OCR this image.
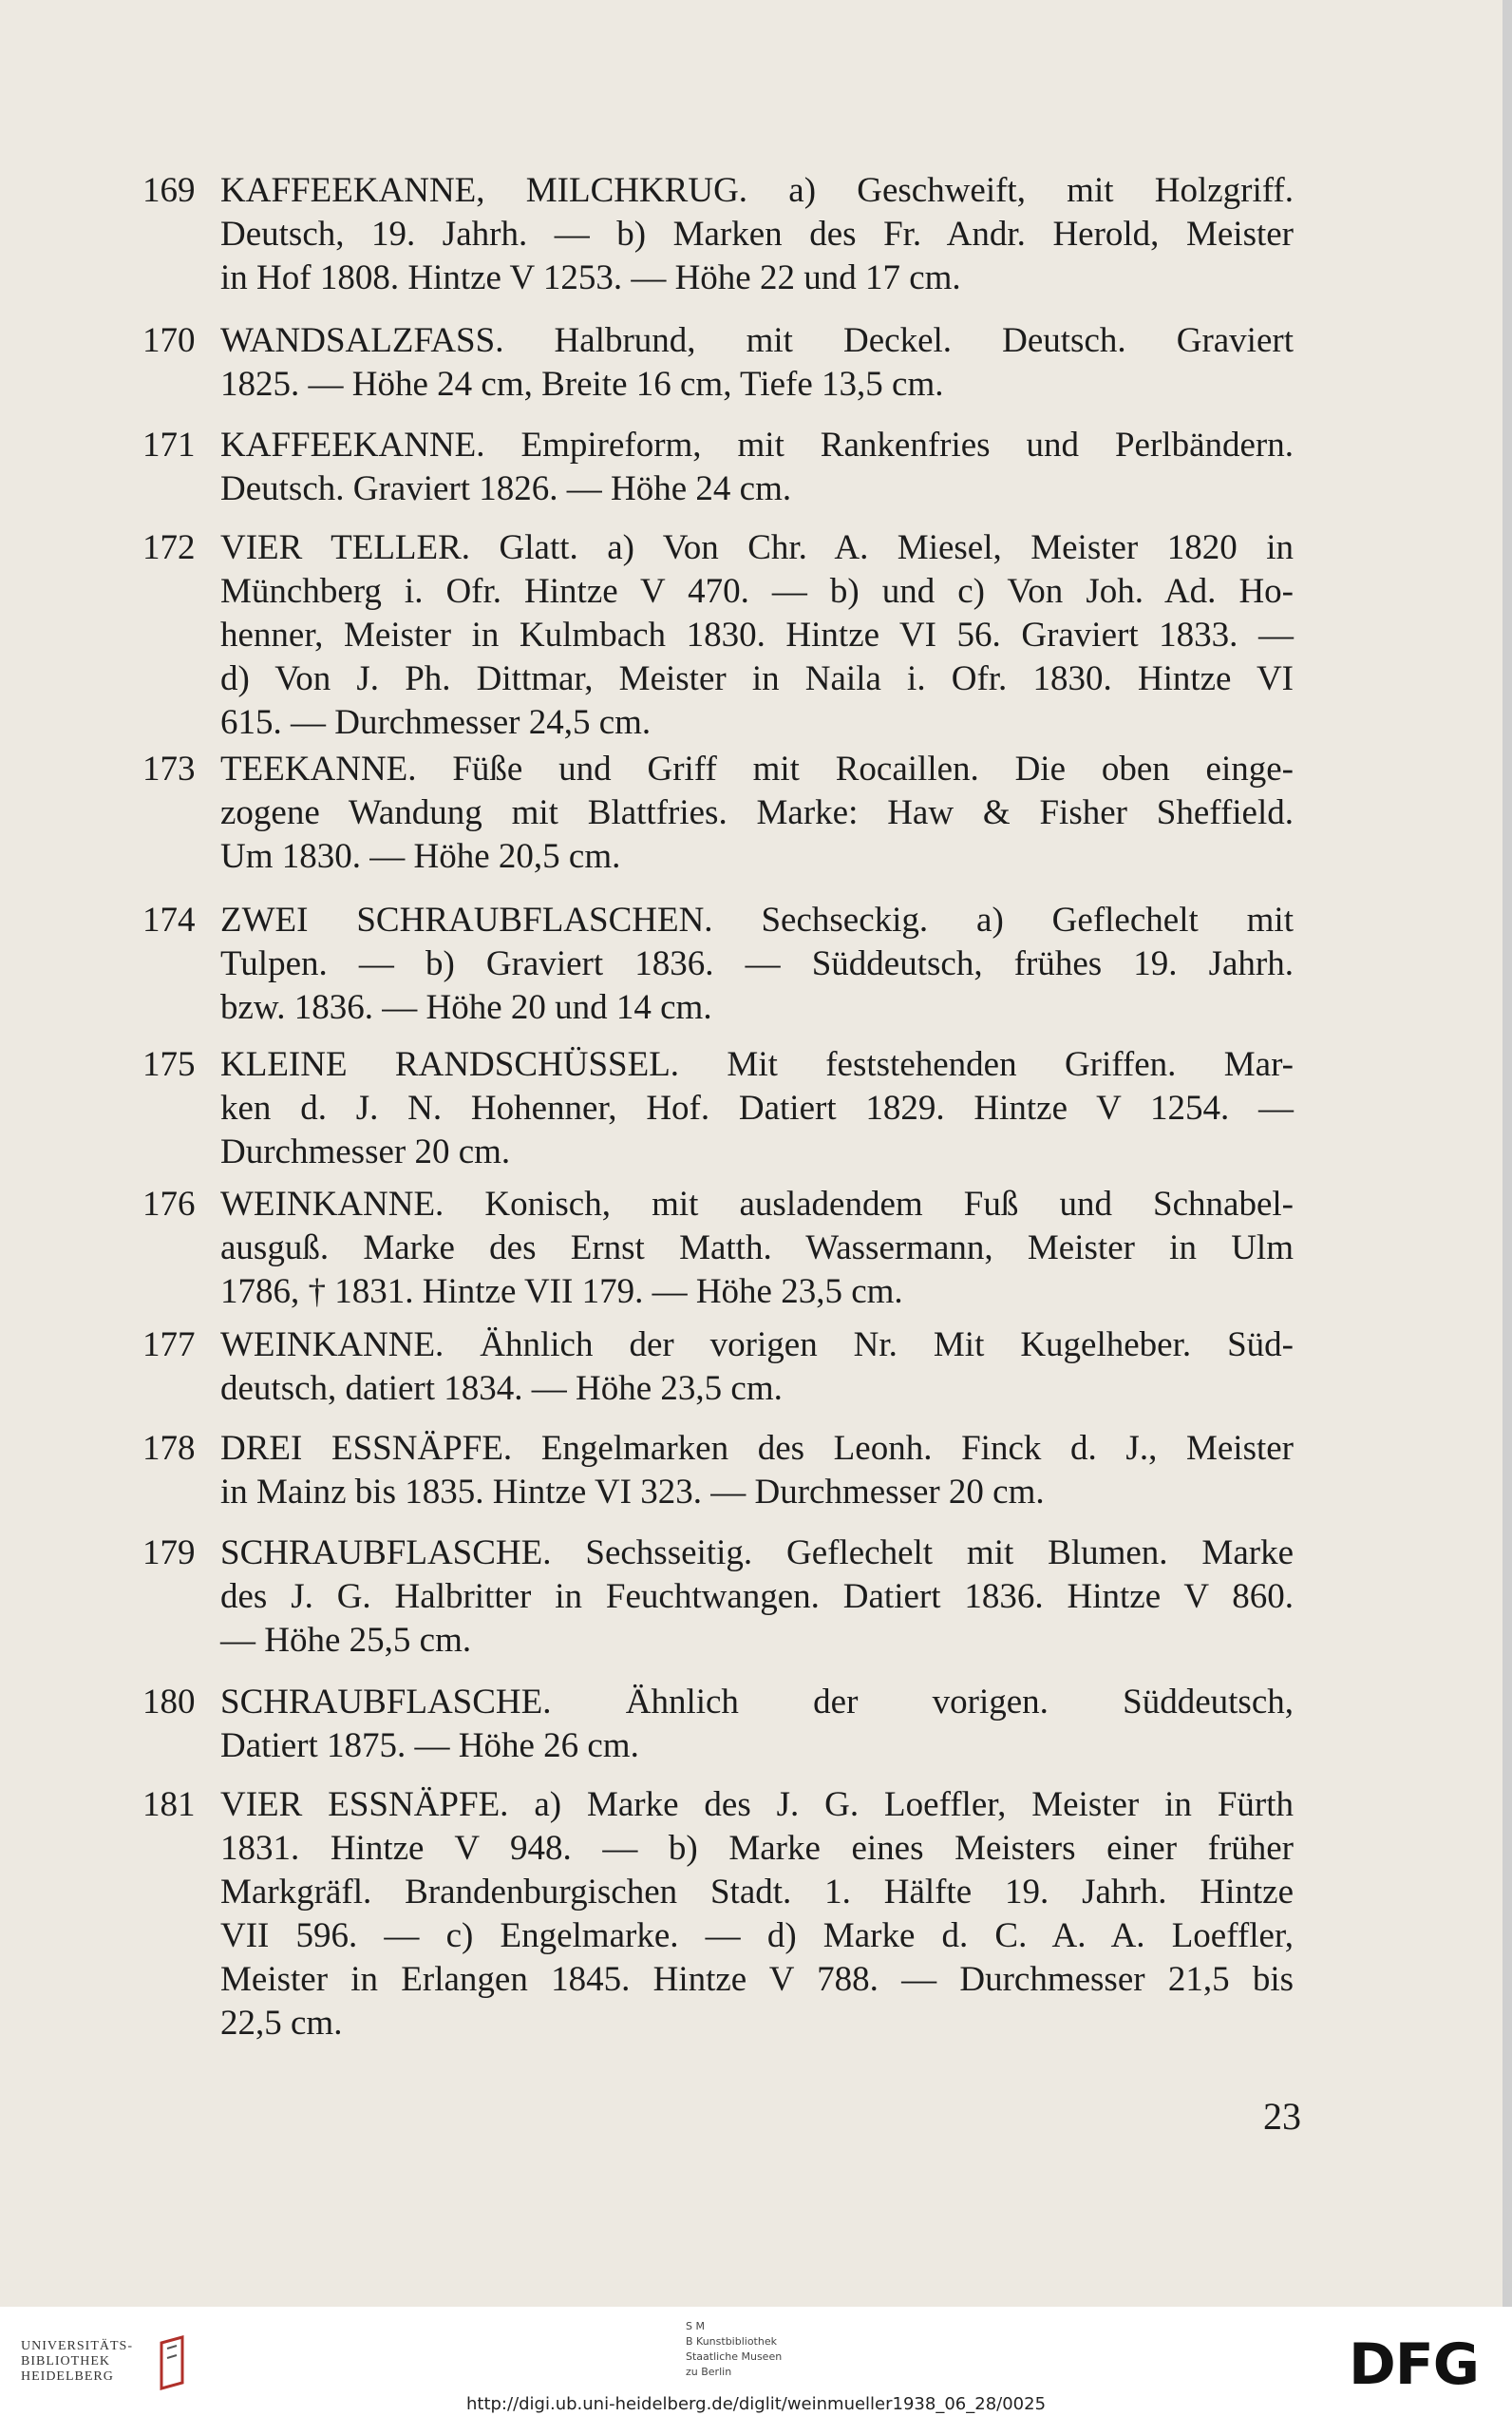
169 KAFFEEKANNE, MILCHKRUG. a) Geschweift, mit Holzgriff.
Deutsch, 19. Jahrh. — b) Marken des Fr. Andr. Herold, Meister
in Hof 1808. Hintze V 1253. — Höhe 22 und 17 cm.
170 WANDSALZFASS. Halbrund, mit Deckel. Deutsch. Graviert
1825. — Höhe 24 cm, Breite 16 cm, Tiefe 13,5 cm.
171 KAFFEEKANNE. Empireform, mit Rankenfries und Perlbändern.
Deutsch. Graviert 1826. — Höhe 24 cm.
172 VIER TELLER. Glatt. a) Von Chr. A. Miesel, Meister 1820 in
Münchberg i. Ofr. Hintze V 470. — b) und c) Von Joh. Ad. Ho-
henner, Meister in Kulmbach 1830. Hintze VI 56. Graviert 1833. —
d) Von J. Ph. Dittmar, Meister in Naila i. Ofr. 1830. Hintze VI
615. — Durchmesser 24,5 cm.
173 TEEKANNE. Füße und Griff mit Rocaillen. Die oben einge-
zogene Wandung mit Blattfries. Marke: Haw & Fisher Sheffield.
Um 1830. — Höhe 20,5 cm.
174 ZWEI SCHRAUBFLASCHEN. Sechseckig. a) Geflechelt mit
Tulpen. — b) Graviert 1836. — Süddeutsch, frühes 19. Jahrh.
bzw. 1836. — Höhe 20 und 14 cm.
175 KLEINE RANDSCHÜSSEL. Mit feststehenden Griffen. Mar-
ken d. J. N. Hohenner, Hof. Datiert 1829. Hintze V 1254. —
Durchmesser 20 cm.
176 WEINKANNE. Konisch, mit ausladendem Fuß und Schnabel-
ausguß. Marke des Ernst Matth. Wassermann, Meister in Ulm
1786, † 1831. Hintze VII 179. — Höhe 23,5 cm.
177 WEINKANNE. Ähnlich der vorigen Nr. Mit Kugelheber. Süd-
deutsch, datiert 1834. — Höhe 23,5 cm.
178 DREI ESSNÄPFE. Engelmarken des Leonh. Finck d. J., Meister
in Mainz bis 1835. Hintze VI 323. — Durchmesser 20 cm.
179 SCHRAUBFLASCHE. Sechsseitig. Geflechelt mit Blumen. Marke
des J. G. Halbritter in Feuchtwangen. Datiert 1836. Hintze V 860.
— Höhe 25,5 cm.
180 SCHRAUBFLASCHE. Ähnlich der vorigen. Süddeutsch,
Datiert 1875. — Höhe 26 cm.
181 VIER ESSNÄPFE. a) Marke des J. G. Loeffler, Meister in Fürth
1831. Hintze V 948. — b) Marke eines Meisters einer früher
Markgräfl. Brandenburgischen Stadt. 1. Hälfte 19. Jahrh. Hintze
VII 596. — c) Engelmarke. — d) Marke d. C. A. A. Loeffler,
Meister in Erlangen 1845. Hintze V 788. — Durchmesser 21,5 bis
22,5 cm.
23
UNIVERSITÄTS-
BIBLIOTHEK
HEIDELBERG
S M
B Kunstbibliothek
Staatliche Museen
zu Berlin	DFG
http://digi.ub.uni-heidelberg.de/diglit/weinmueller1938_06_28/0025
